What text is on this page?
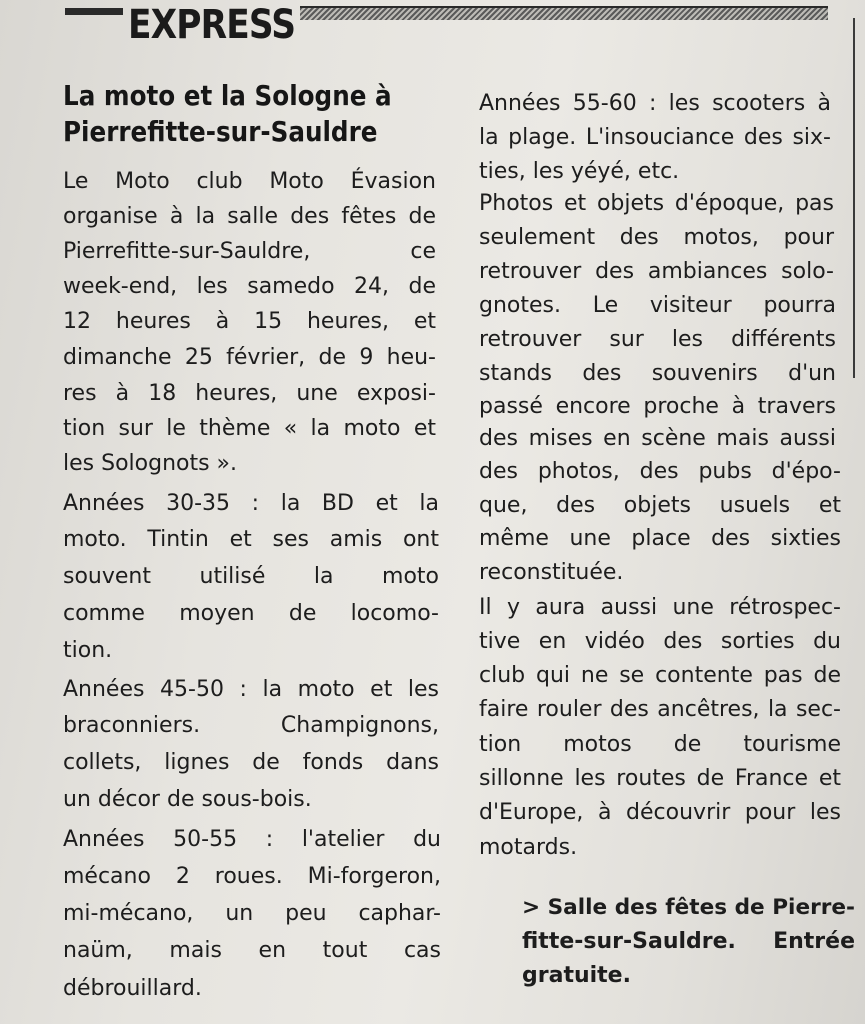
EXPRESS
La moto et la Sologne à
Pierrefitte-sur-Sauldre
Le Moto club Moto Évasion
organise à la salle des fêtes de
Pierrefitte-sur-Sauldre, ce
week-end, les samedo 24, de
12 heures à 15 heures, et
dimanche 25 février, de 9 heu-
res à 18 heures, une exposi-
tion sur le thème « la moto et
les Solognots ».
Années 30-35 : la BD et la
moto. Tintin et ses amis ont
souvent utilisé la moto
comme moyen de locomo-
tion.
Années 45-50 : la moto et les
braconniers. Champignons,
collets, lignes de fonds dans
un décor de sous-bois.
Années 50-55 : l'atelier du
mécano 2 roues. Mi-forgeron,
mi-mécano, un peu caphar-
naüm, mais en tout cas
débrouillard.
Années 55-60 : les scooters à
la plage. L'insouciance des six-
ties, les yéyé, etc.
Photos et objets d'époque, pas
seulement des motos, pour
retrouver des ambiances solo-
gnotes. Le visiteur pourra
retrouver sur les différents
stands des souvenirs d'un
passé encore proche à travers
des mises en scène mais aussi
des photos, des pubs d'épo-
que, des objets usuels et
même une place des sixties
reconstituée.
Il y aura aussi une rétrospec-
tive en vidéo des sorties du
club qui ne se contente pas de
faire rouler des ancêtres, la sec-
tion motos de tourisme
sillonne les routes de France et
d'Europe, à découvrir pour les
motards.
> Salle des fêtes de Pierre-
fitte-sur-Sauldre. Entrée
gratuite.
